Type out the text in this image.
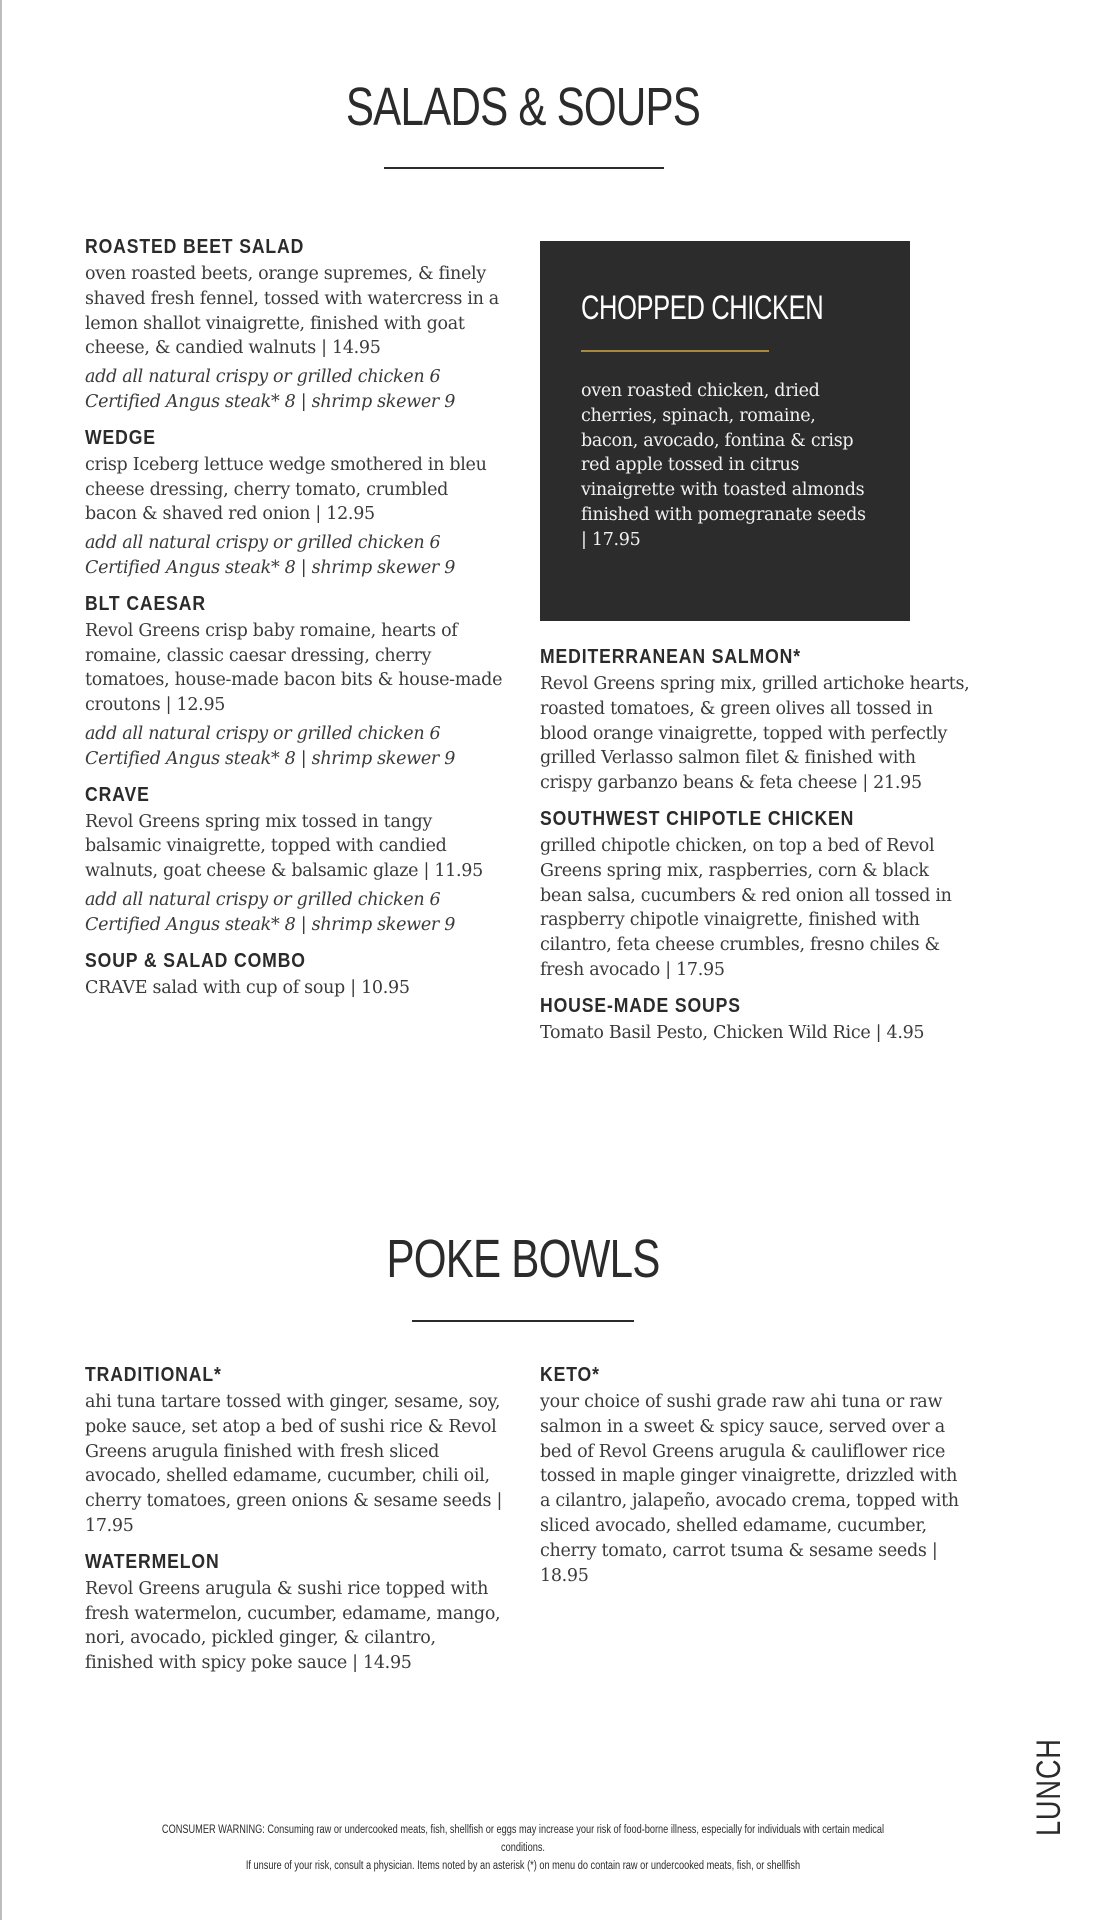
SALADS & SOUPS
ROASTED BEET SALAD
oven roasted beets, orange supremes, & finely shaved fresh fennel, tossed with watercress in a lemon shallot vinaigrette, finished with goat cheese, & candied walnuts | 14.95
add all natural crispy or grilled chicken 6
Certified Angus steak* 8 | shrimp skewer 9
WEDGE
crisp Iceberg lettuce wedge smothered in bleu cheese dressing, cherry tomato, crumbled bacon & shaved red onion | 12.95
add all natural crispy or grilled chicken 6
Certified Angus steak* 8 | shrimp skewer 9
BLT CAESAR
Revol Greens crisp baby romaine, hearts of romaine, classic caesar dressing, cherry tomatoes, house-made bacon bits & house-made croutons | 12.95
add all natural crispy or grilled chicken 6
Certified Angus steak* 8 | shrimp skewer 9
CRAVE
Revol Greens spring mix tossed in tangy balsamic vinaigrette, topped with candied walnuts, goat cheese & balsamic glaze | 11.95
add all natural crispy or grilled chicken 6
Certified Angus steak* 8 | shrimp skewer 9
SOUP & SALAD COMBO
CRAVE salad with cup of soup | 10.95
CHOPPED CHICKEN
oven roasted chicken, dried cherries, spinach, romaine, bacon, avocado, fontina & crisp red apple tossed in citrus vinaigrette with toasted almonds finished with pomegranate seeds | 17.95
MEDITERRANEAN SALMON*
Revol Greens spring mix, grilled artichoke hearts, roasted tomatoes, & green olives all tossed in blood orange vinaigrette, topped with perfectly grilled Verlasso salmon filet & finished with crispy garbanzo beans & feta cheese | 21.95
SOUTHWEST CHIPOTLE CHICKEN
grilled chipotle chicken, on top a bed of Revol Greens spring mix, raspberries, corn & black bean salsa, cucumbers & red onion all tossed in raspberry chipotle vinaigrette, finished with cilantro, feta cheese crumbles, fresno chiles & fresh avocado | 17.95
HOUSE-MADE SOUPS
Tomato Basil Pesto, Chicken Wild Rice | 4.95
POKE BOWLS
TRADITIONAL*
ahi tuna tartare tossed with ginger, sesame, soy, poke sauce, set atop a bed of sushi rice & Revol Greens arugula finished with fresh sliced avocado, shelled edamame, cucumber, chili oil, cherry tomatoes, green onions & sesame seeds | 17.95
WATERMELON
Revol Greens arugula & sushi rice topped with fresh watermelon, cucumber, edamame, mango, nori, avocado, pickled ginger, & cilantro, finished with spicy poke sauce | 14.95
KETO*
your choice of sushi grade raw ahi tuna or raw salmon in a sweet & spicy sauce, served over a bed of Revol Greens arugula & cauliflower rice tossed in maple ginger vinaigrette, drizzled with a cilantro, jalapeño, avocado crema, topped with sliced avocado, shelled edamame, cucumber, cherry tomato, carrot tsuma & sesame seeds | 18.95
LUNCH
CONSUMER WARNING: Consuming raw or undercooked meats, fish, shellfish or eggs may increase your risk of food-borne illness, especially for individuals with certain medical conditions.
If unsure of your risk, consult a physician. Items noted by an asterisk (*) on menu do contain raw or undercooked meats, fish, or shellfish
